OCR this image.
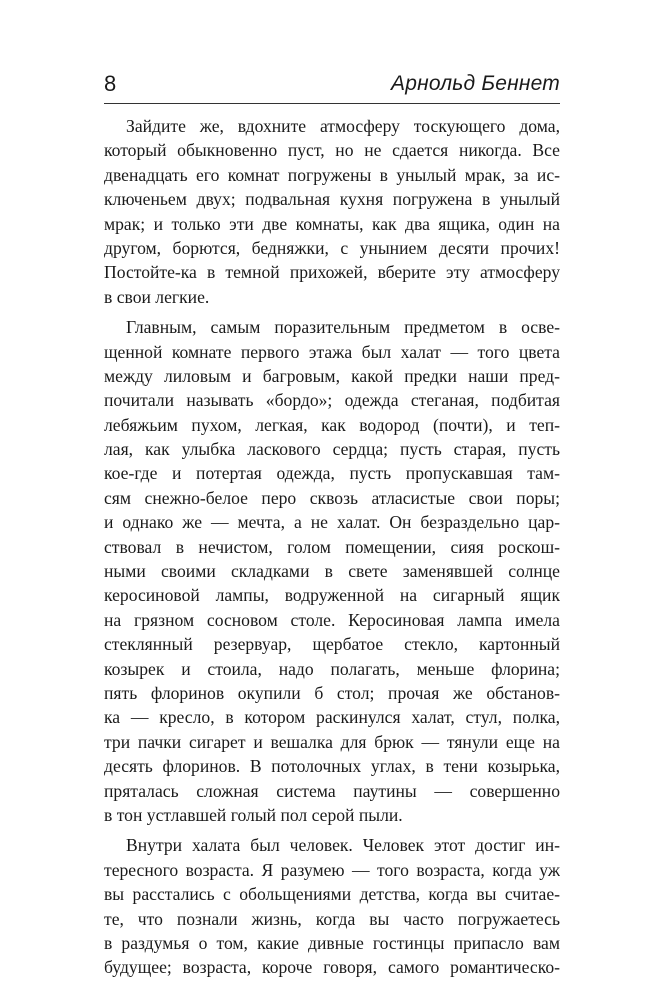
8	Арнольд Беннет
Зайдите же, вдохните атмосферу тоскующего дома,
который обыкновенно пуст, но не сдается никогда. Все
двенадцать его комнат погружены в унылый мрак, за ис-
ключеньем двух; подвальная кухня погружена в унылый
мрак; и только эти две комнаты, как два ящика, один на
другом, борются, бедняжки, с унынием десяти прочих!
Постойте-ка в темной прихожей, вберите эту атмосферу
в свои легкие.
Главным, самым поразительным предметом в осве-
щенной комнате первого этажа был халат — того цвета
между лиловым и багровым, какой предки наши пред-
почитали называть «бордо»; одежда стеганая, подбитая
лебяжьим пухом, легкая, как водород (почти), и теп-
лая, как улыбка ласкового сердца; пусть старая, пусть
кое-где и потертая одежда, пусть пропускавшая там-
сям снежно-белое перо сквозь атласистые свои поры;
и однако же — мечта, а не халат. Он безраздельно цар-
ствовал в нечистом, голом помещении, сияя роскош-
ными своими складками в свете заменявшей солнце
керосиновой лампы, водруженной на сигарный ящик
на грязном сосновом столе. Керосиновая лампа имела
стеклянный резервуар, щербатое стекло, картонный
козырек и стоила, надо полагать, меньше флорина;
пять флоринов окупили б стол; прочая же обстанов-
ка — кресло, в котором раскинулся халат, стул, полка,
три пачки сигарет и вешалка для брюк — тянули еще на
десять флоринов. В потолочных углах, в тени козырька,
пряталась сложная система паутины — совершенно
в тон устлавшей голый пол серой пыли.
Внутри халата был человек. Человек этот достиг ин-
тересного возраста. Я разумею — того возраста, когда уж
вы расстались с обольщениями детства, когда вы считае-
те, что познали жизнь, когда вы часто погружаетесь
в раздумья о том, какие дивные гостинцы припасло вам
будущее; возраста, короче говоря, самого романтическо-
